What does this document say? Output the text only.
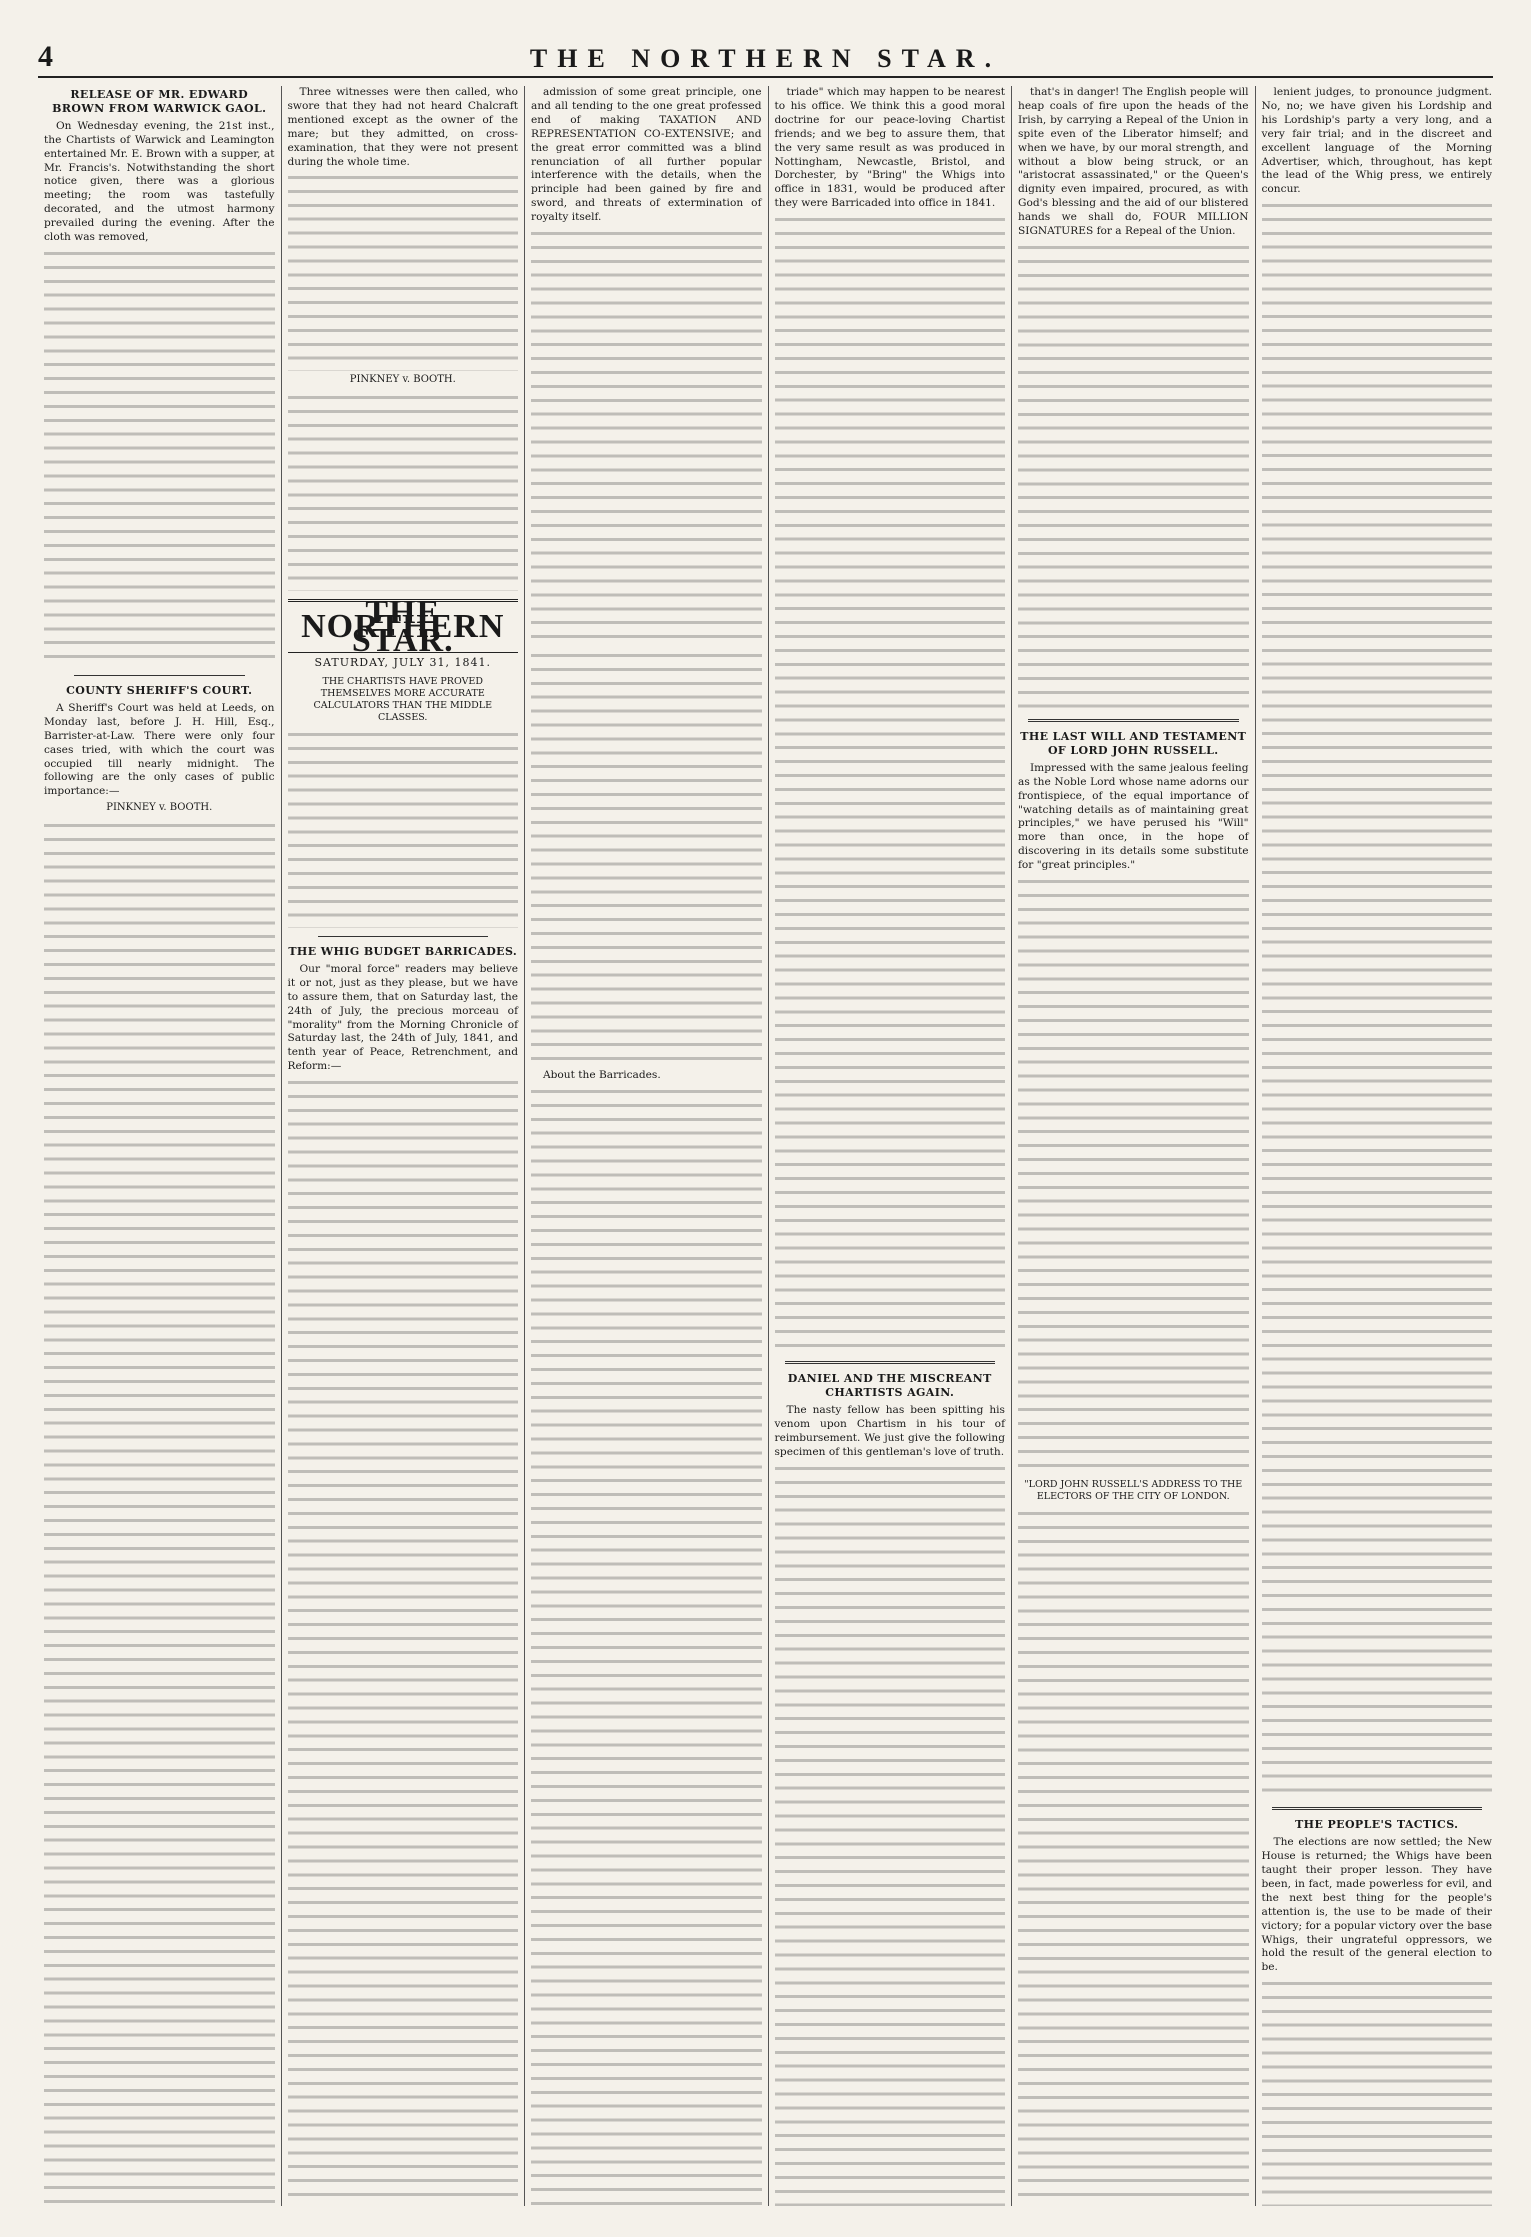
4	THE NORTHERN STAR.
RELEASE OF MR. EDWARD BROWN FROM WARWICK GAOL.
On Wednesday evening, the 21st inst., the Chartists of Warwick and Leamington entertained Mr. E. Brown with a supper, at Mr. Francis's. Notwithstanding the short notice given, there was a glorious meeting; the room was tastefully decorated, and the utmost harmony prevailed during the evening. After the cloth was removed,
COUNTY SHERIFF'S COURT.
A Sheriff's Court was held at Leeds, on Monday last, before J. H. Hill, Esq., Barrister-at-Law. There were only four cases tried, with which the court was occupied till nearly midnight. The following are the only cases of public importance:—
PINKNEY v. BOOTH.
Three witnesses were then called, who swore that they had not heard Chalcraft mentioned except as the owner of the mare; but they admitted, on cross-examination, that they were not present during the whole time.
PINKNEY v. BOOTH.
THE NORTHERN STAR.
SATURDAY, JULY 31, 1841.
THE CHARTISTS HAVE PROVED THEMSELVES MORE ACCURATE CALCULATORS THAN THE MIDDLE CLASSES.
THE WHIG BUDGET BARRICADES.
Our "moral force" readers may believe it or not, just as they please, but we have to assure them, that on Saturday last, the 24th of July, the precious morceau of "morality" from the Morning Chronicle of Saturday last, the 24th of July, 1841, and tenth year of Peace, Retrenchment, and Reform:—
admission of some great principle, one and all tending to the one great professed end of making TAXATION AND REPRESENTATION CO-EXTENSIVE; and the great error committed was a blind renunciation of all further popular interference with the details, when the principle had been gained by fire and sword, and threats of extermination of royalty itself.
About the Barricades.
triade" which may happen to be nearest to his office. We think this a good moral doctrine for our peace-loving Chartist friends; and we beg to assure them, that the very same result as was produced in Nottingham, Newcastle, Bristol, and Dorchester, by "Bring" the Whigs into office in 1831, would be produced after they were Barricaded into office in 1841.
DANIEL AND THE MISCREANT CHARTISTS AGAIN.
The nasty fellow has been spitting his venom upon Chartism in his tour of reimbursement. We just give the following specimen of this gentleman's love of truth.
that's in danger! The English people will heap coals of fire upon the heads of the Irish, by carrying a Repeal of the Union in spite even of the Liberator himself; and when we have, by our moral strength, and without a blow being struck, or an "aristocrat assassinated," or the Queen's dignity even impaired, procured, as with God's blessing and the aid of our blistered hands we shall do, FOUR MILLION SIGNATURES for a Repeal of the Union.
THE LAST WILL AND TESTAMENT OF LORD JOHN RUSSELL.
Impressed with the same jealous feeling as the Noble Lord whose name adorns our frontispiece, of the equal importance of "watching details as of maintaining great principles," we have perused his "Will" more than once, in the hope of discovering in its details some substitute for "great principles."
"LORD JOHN RUSSELL'S ADDRESS TO THE ELECTORS OF THE CITY OF LONDON.
lenient judges, to pronounce judgment. No, no; we have given his Lordship and his Lordship's party a very long, and a very fair trial; and in the discreet and excellent language of the Morning Advertiser, which, throughout, has kept the lead of the Whig press, we entirely concur.
THE PEOPLE'S TACTICS.
The elections are now settled; the New House is returned; the Whigs have been taught their proper lesson. They have been, in fact, made powerless for evil, and the next best thing for the people's attention is, the use to be made of their victory; for a popular victory over the base Whigs, their ungrateful oppressors, we hold the result of the general election to be.
